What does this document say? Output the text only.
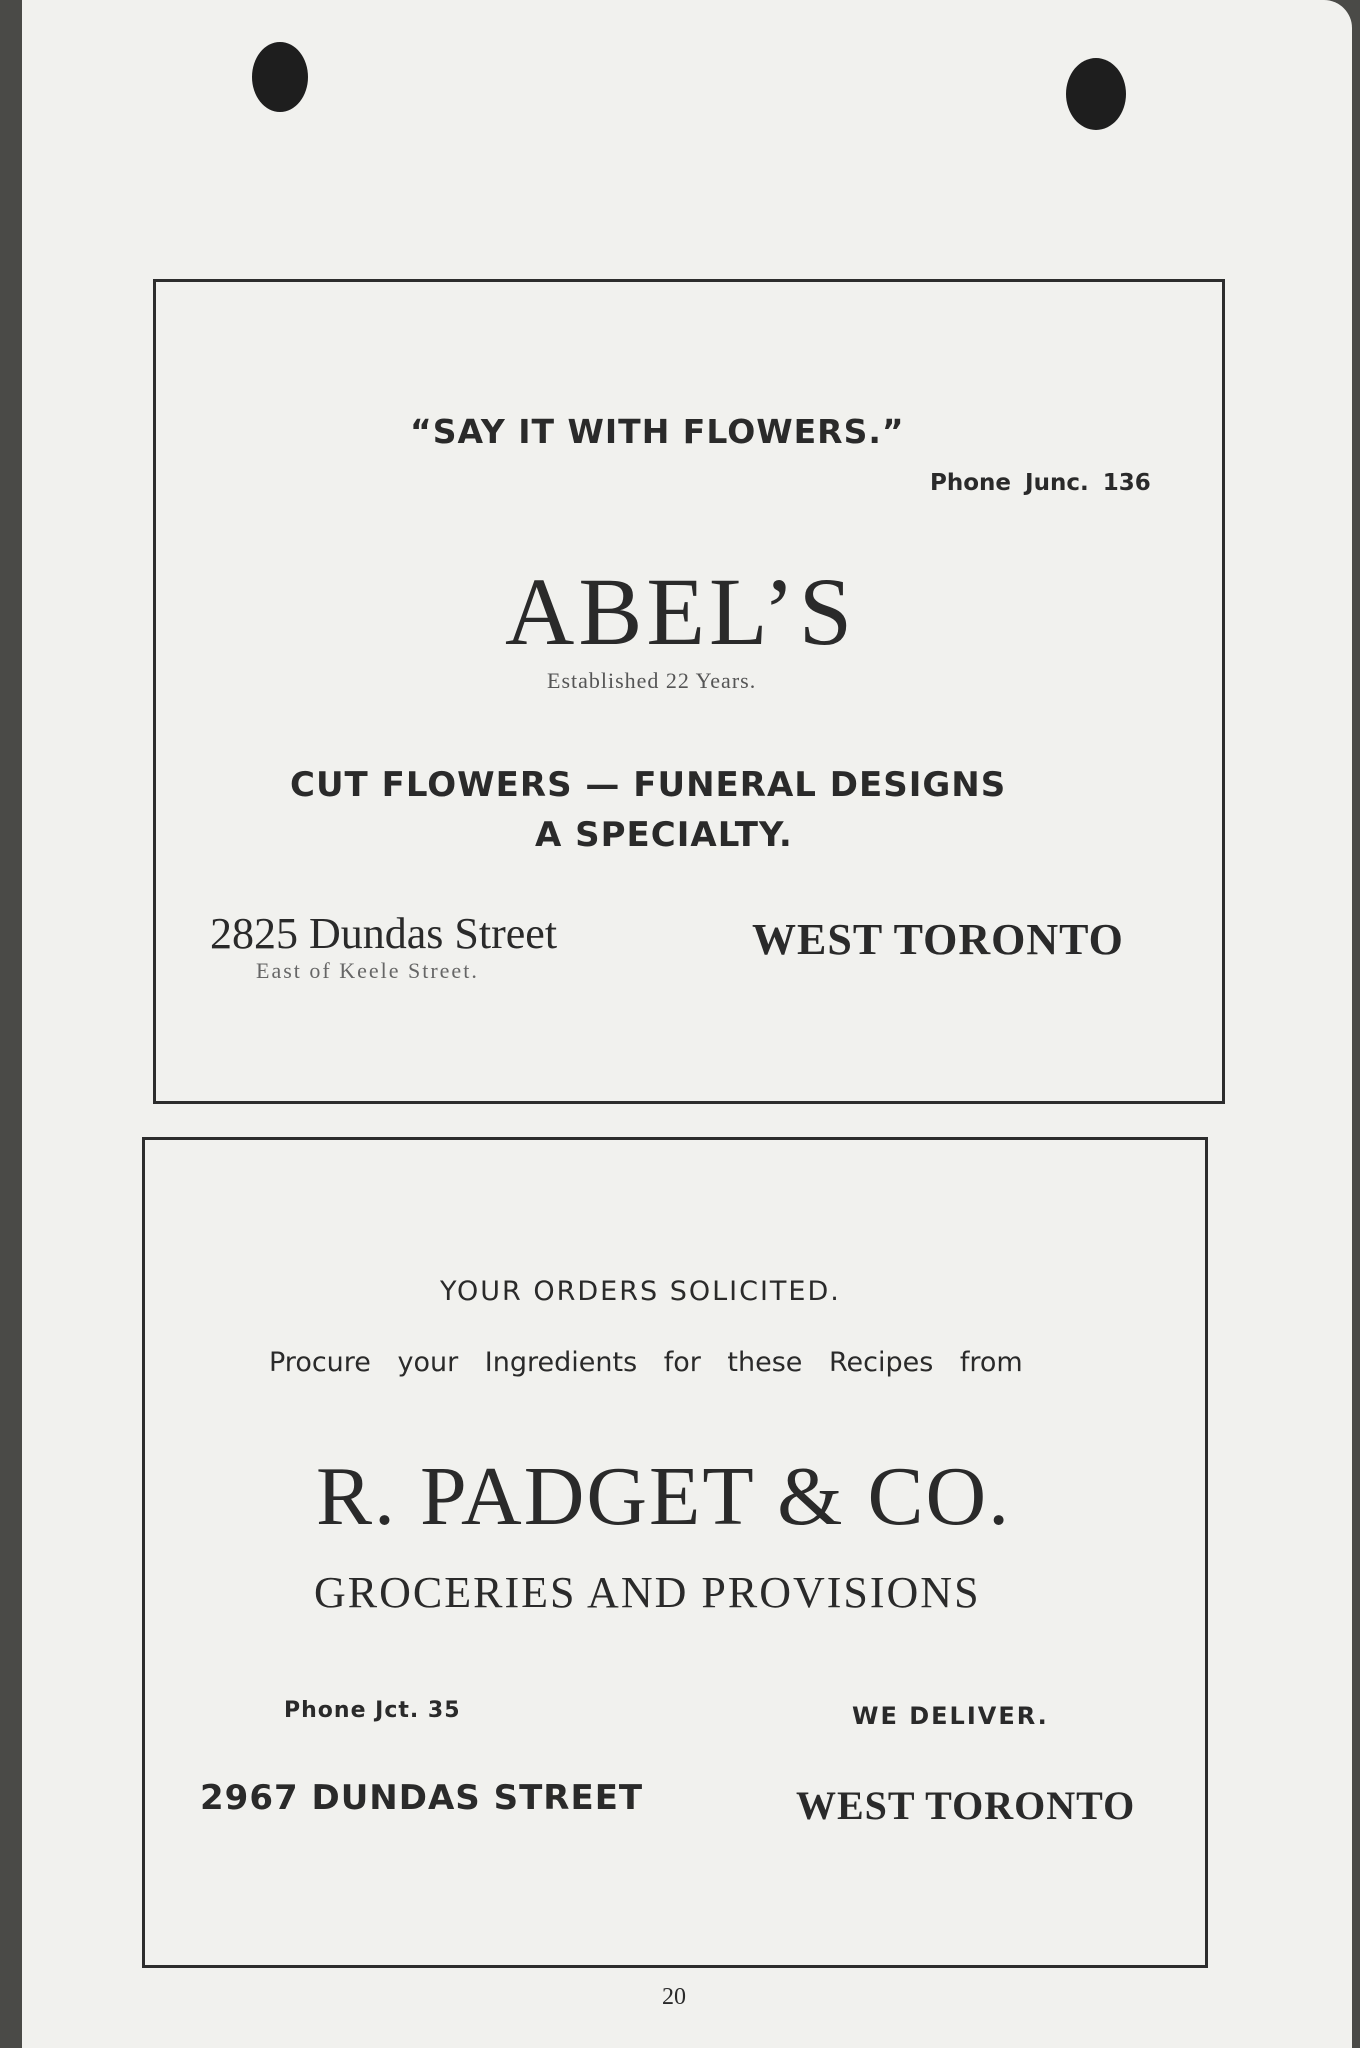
“SAY IT WITH FLOWERS.”
Phone Junc. 136
ABEL’S
Established 22 Years.
CUT FLOWERS — FUNERAL DESIGNS
A SPECIALTY.
2825 Dundas Street
East of Keele Street.
WEST TORONTO
YOUR ORDERS SOLICITED.
Procure your Ingredients for these Recipes from
R. PADGET & CO.
GROCERIES AND PROVISIONS
Phone Jct. 35	WE DELIVER.
2967 DUNDAS STREET	WEST TORONTO
20
